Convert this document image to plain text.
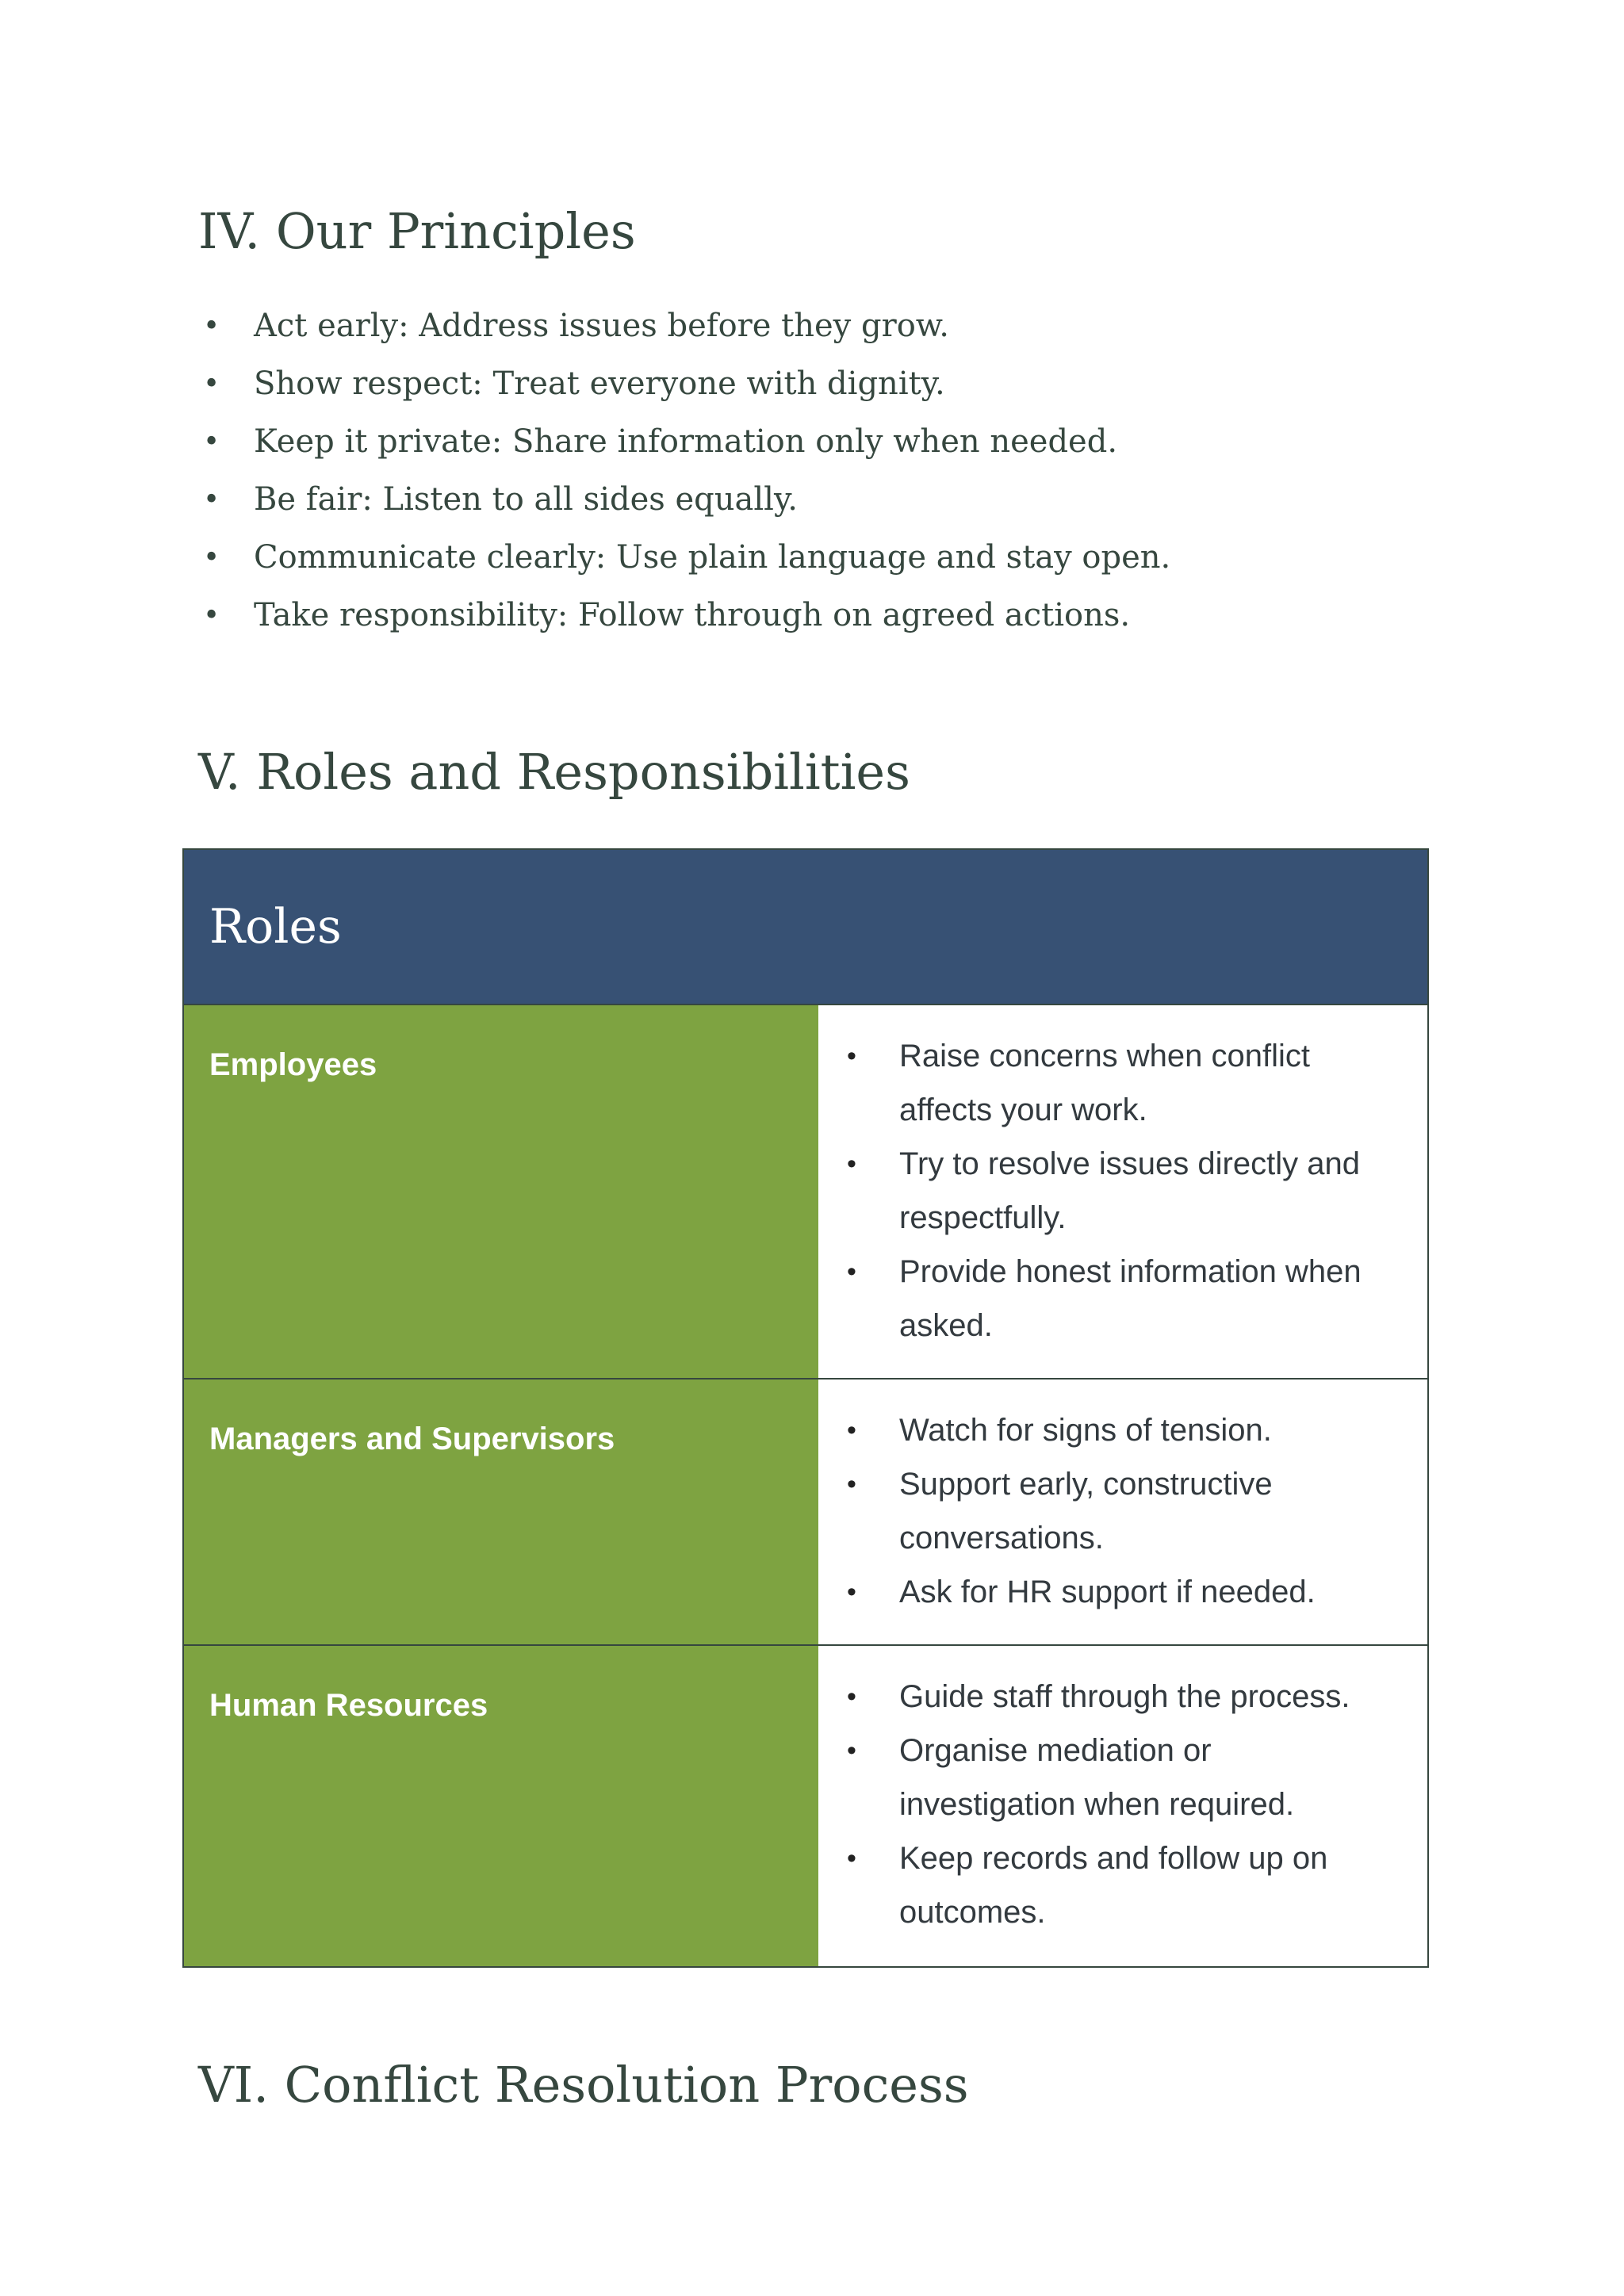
IV. Our Principles
• Act early: Address issues before they grow.
• Show respect: Treat everyone with dignity.
• Keep it private: Share information only when needed.
• Be fair: Listen to all sides equally.
• Communicate clearly: Use plain language and stay open.
• Take responsibility: Follow through on agreed actions.
V. Roles and Responsibilities
Roles
Employees	• Raise concerns when conflict affects your work.
• Try to resolve issues directly and respectfully.
• Provide honest information when asked.
Managers and Supervisors	• Watch for signs of tension.
• Support early, constructive conversations.
• Ask for HR support if needed.
Human Resources	• Guide staff through the process.
• Organise mediation or investigation when required.
• Keep records and follow up on outcomes.
VI. Conflict Resolution Process
